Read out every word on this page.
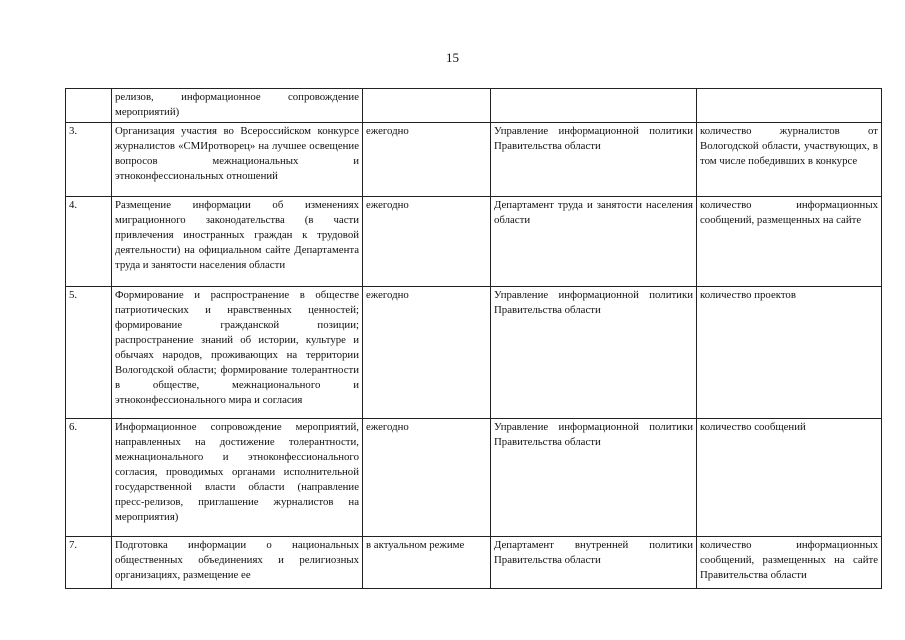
15
	релизов, информационное сопровождение мероприятий)			
3.	Организация участия во Всероссийском конкурсе журналистов «СМИротворец» на лучшее освещение вопросов межнациональных и этноконфессиональных отношений	ежегодно	Управление информационной политики Правительства области	количество журналистов от Вологодской области, участвующих, в том числе победивших в конкурсе
4.	Размещение информации об изменениях миграционного законодательства (в части привлечения иностранных граждан к трудовой деятельности) на официальном сайте Департамента труда и занятости населения области	ежегодно	Департамент труда и занятости населения области	количество информационных сообщений, размещенных на сайте
5.	Формирование и распространение в обществе патриотических и нравственных ценностей; формирование гражданской позиции; распространение знаний об истории, культуре и обычаях народов, проживающих на территории Вологодской области; формирование толерантности в обществе, межнационального и этноконфессионального мира и согласия	ежегодно	Управление информационной политики Правительства области	количество проектов
6.	Информационное сопровождение мероприятий, направленных на достижение толерантности, межнационального и этноконфессионального согласия, проводимых органами исполнительной государственной власти области (направление пресс-релизов, приглашение журналистов на мероприятия)	ежегодно	Управление информационной политики Правительства области	количество сообщений
7.	Подготовка информации о национальных общественных объединениях и религиозных организациях, размещение ее	в актуальном режиме	Департамент внутренней политики Правительства области	количество информационных сообщений, размещенных на сайте Правительства области
